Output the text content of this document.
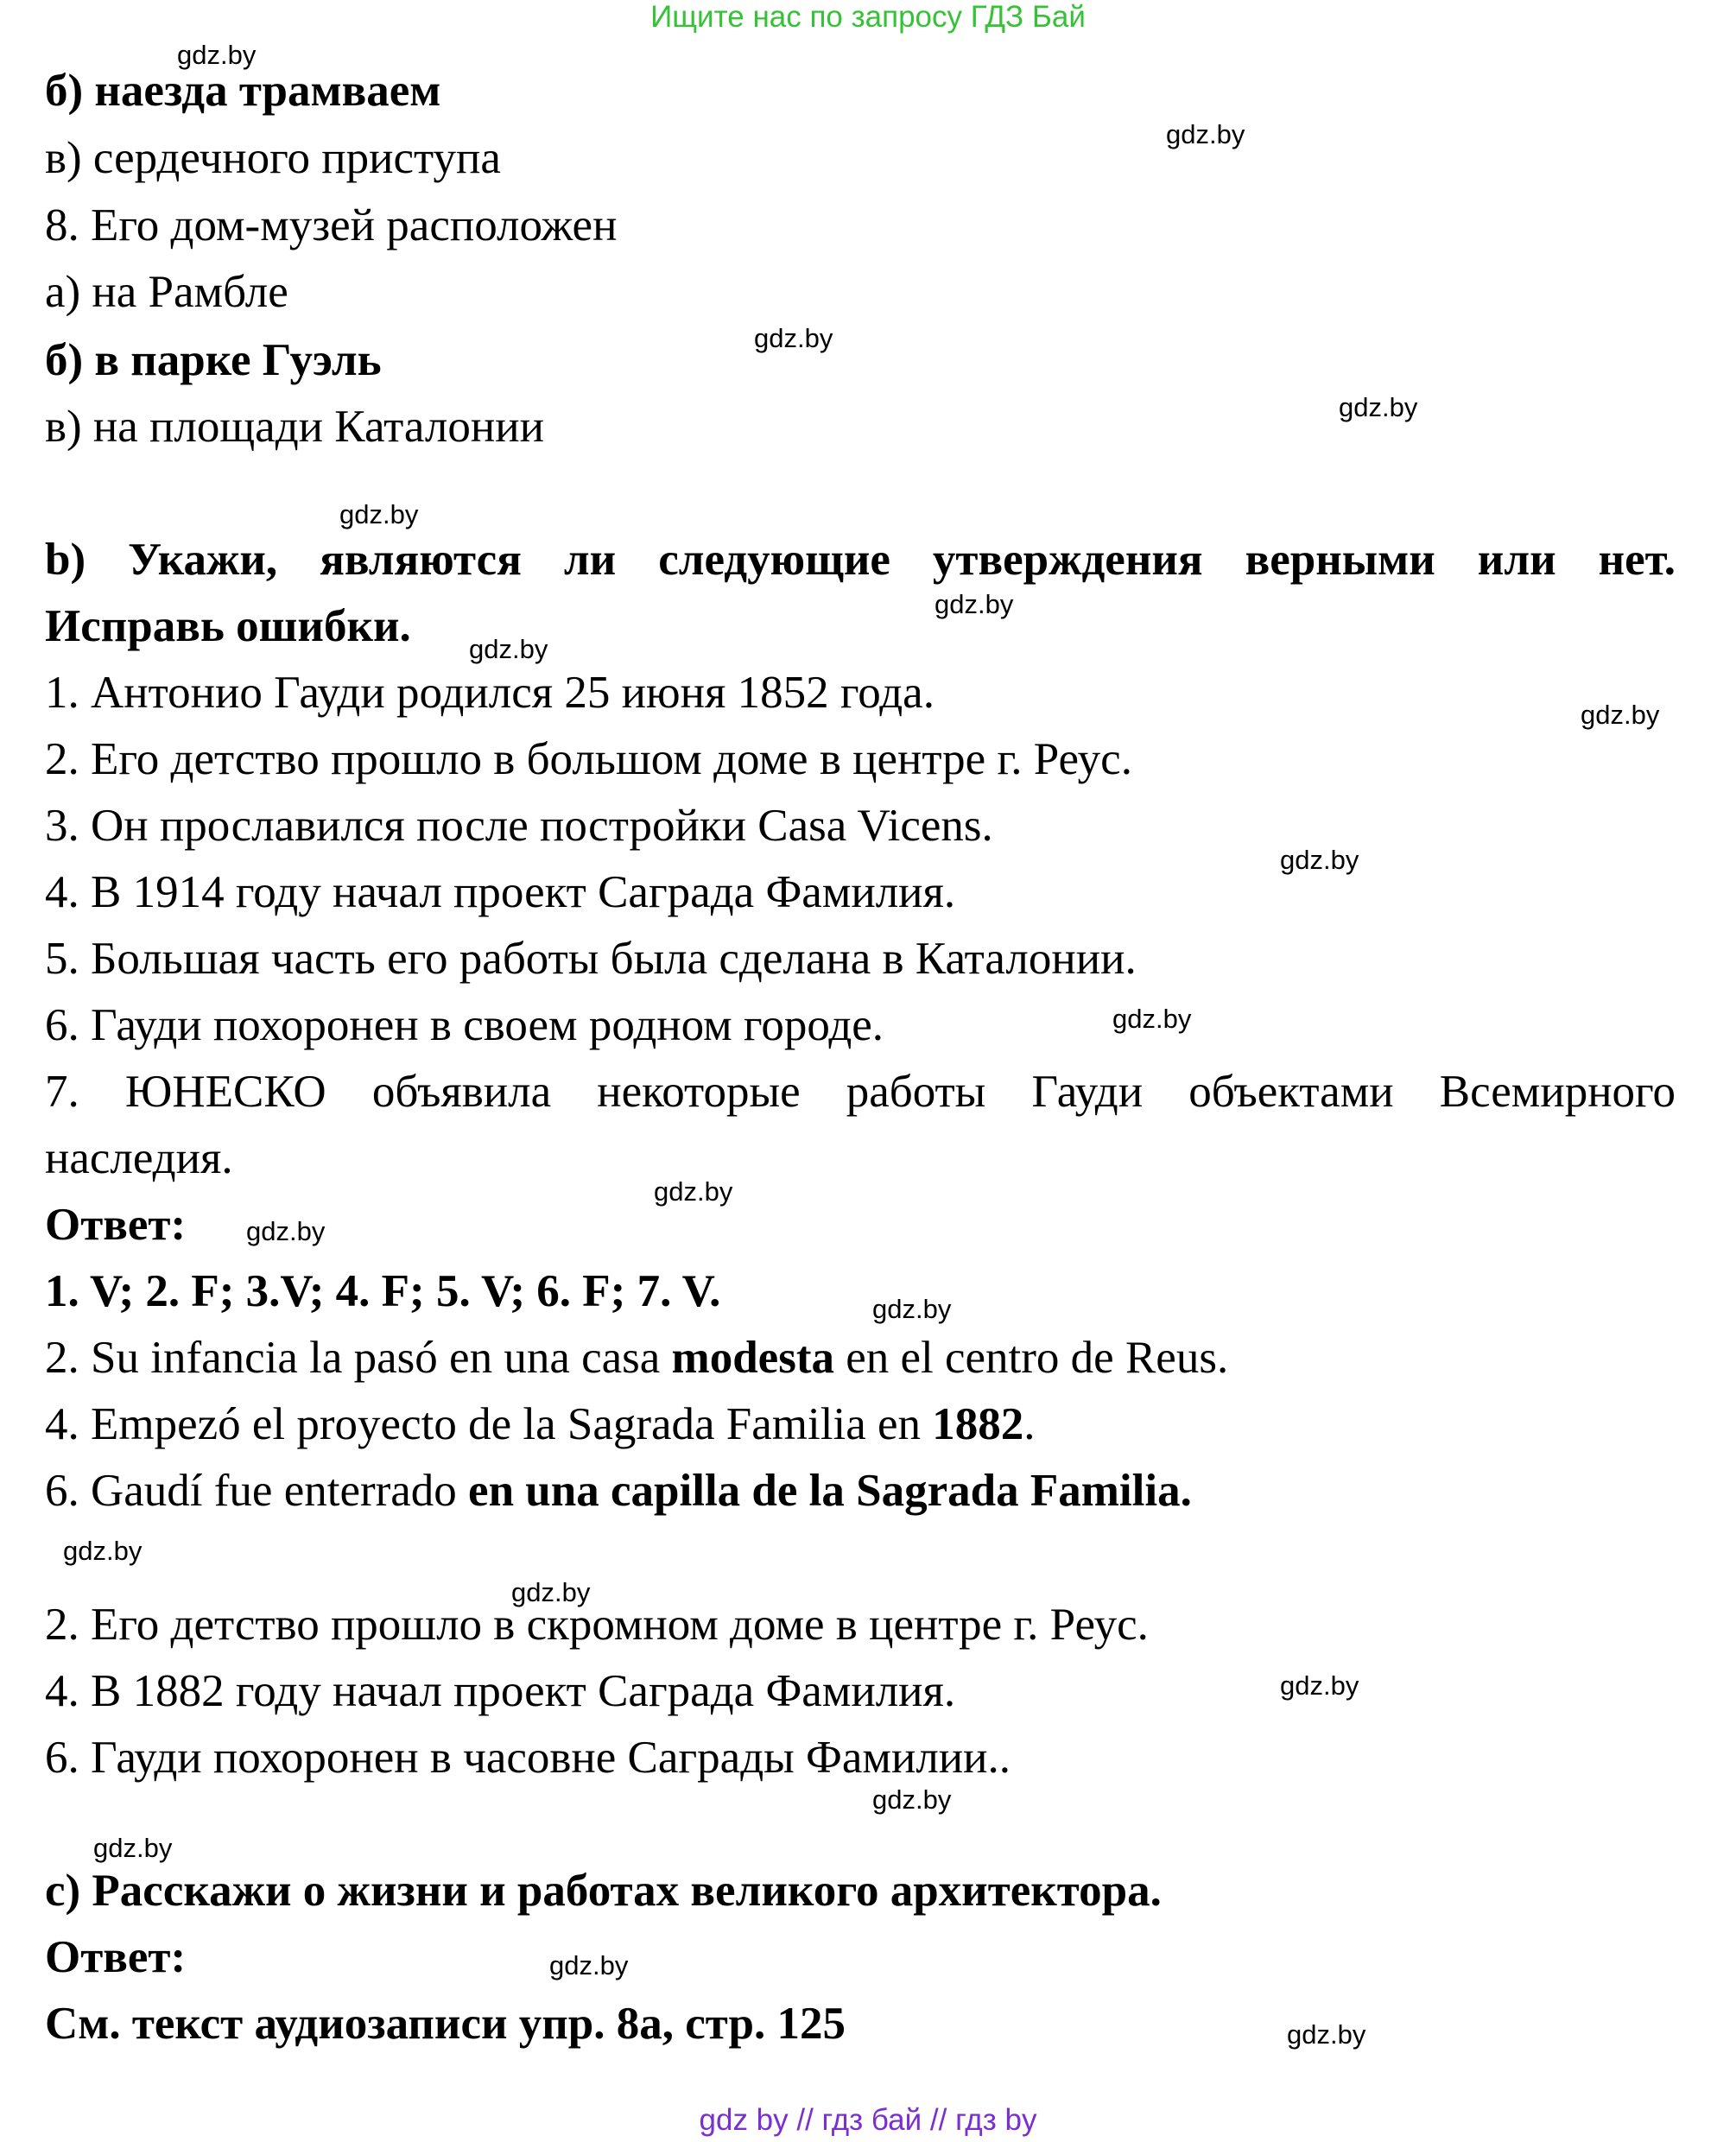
Ищите нас по запросу ГДЗ Бай
б) наезда трамваем
в) сердечного приступа
8. Его дом-музей расположен
а) на Рамбле
б) в парке Гуэль
в) на площади Каталонии
b) Укажи, являются ли следующие утверждения верными или нет.
Исправь ошибки.
1. Антонио Гауди родился 25 июня 1852 года.
2. Его детство прошло в большом доме в центре г. Реус.
3. Он прославился после постройки Casa Vicens.
4. В 1914 году начал проект Саграда Фамилия.
5. Большая часть его работы была сделана в Каталонии.
6. Гауди похоронен в своем родном городе.
7. ЮНЕСКО объявила некоторые работы Гауди объектами Всемирного
наследия.
Ответ:
1. V; 2. F; 3.V; 4. F; 5. V; 6. F; 7. V.
2. Su infancia la pasó en una casa modesta en el centro de Reus.
4. Empezó el proyecto de la Sagrada Familia en 1882.
6. Gaudí fue enterrado en una capilla de la Sagrada Familia.
2. Его детство прошло в скромном доме в центре г. Реус.
4. В 1882 году начал проект Саграда Фамилия.
6. Гауди похоронен в часовне Саграды Фамилии..
c) Расскажи о жизни и работах великого архитектора.
Ответ:
См. текст аудиозаписи упр. 8а, стр. 125
gdz.by
gdz.by
gdz.by
gdz.by
gdz.by
gdz.by
gdz.by
gdz.by
gdz.by
gdz.by
gdz.by
gdz.by
gdz.by
gdz.by
gdz.by
gdz.by
gdz.by
gdz.by
gdz.by
gdz.by
gdz by // гдз бай // гдз by
